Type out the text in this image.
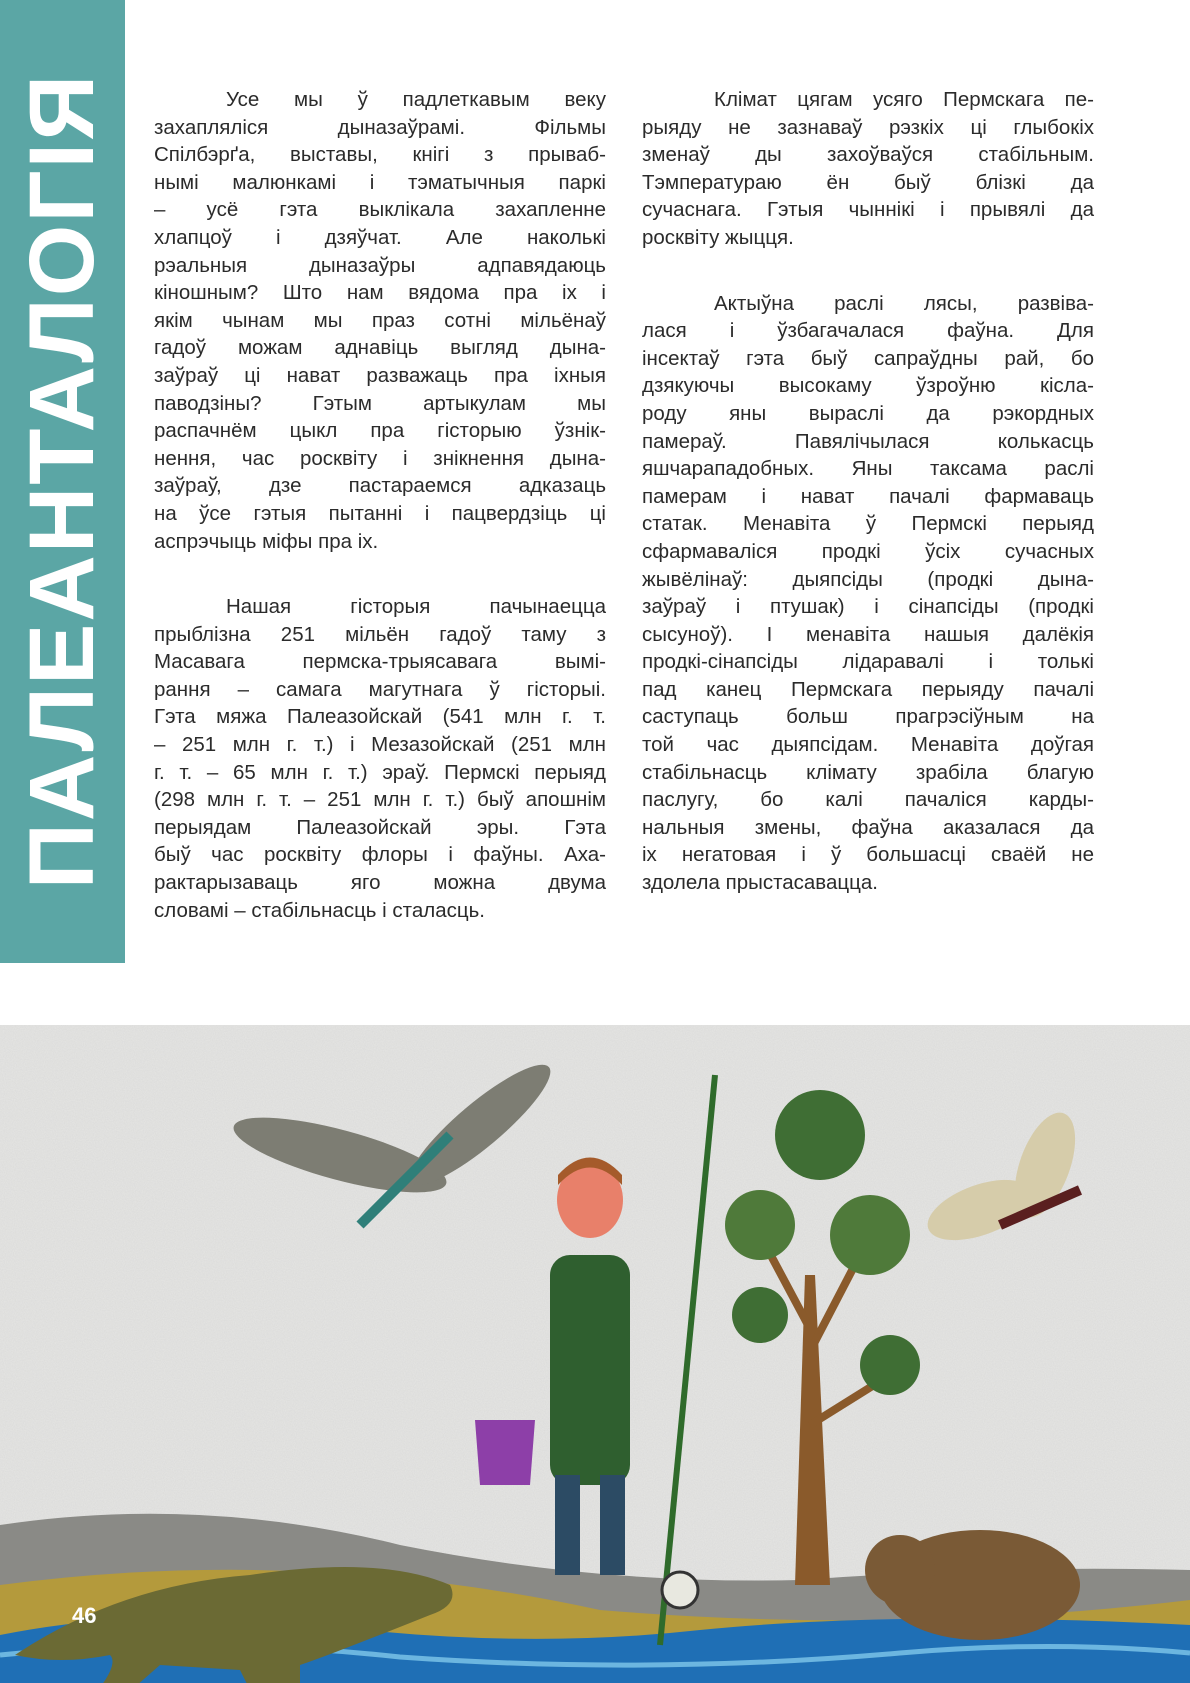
ПАЛЕАНТАЛОГІЯ	Усе мы ў падлеткавым веку
захапляліся дыназаўрамі. Фільмы
Спілбэрґа, выставы, кнігі з прываб-
нымі малюнкамі і тэматычныя паркі
– усё гэта выклікала захапленне
хлапцоў і дзяўчат. Але наколькі
рэальныя дыназаўры адпавядаюць
кіношным? Што нам вядома пра іх і
якім чынам мы праз сотні мільёнаў
гадоў можам аднавіць выгляд дына-
заўраў ці нават разважаць пра іхныя
паводзіны? Гэтым артыкулам мы
распачнём цыкл пра гісторыю ўзнік-
нення, час росквіту і знікнення дына-
заўраў, дзе пастараемся адказаць
на ўсе гэтыя пытанні і пацвердзіць ці
аспрэчыць міфы пра іх.
Нашая гісторыя пачынаецца
прыблізна 251 мільён гадоў таму з
Масавага пермска-трыясавага вымі-
рання – самага магутнага ў гісторыі.
Гэта мяжа Палеазойскай (541 млн г. т.
– 251 млн г. т.) і Мезазойскай (251 млн
г. т. – 65 млн г. т.) эраў. Пермскі перыяд
(298 млн г. т. – 251 млн г. т.) быў апошнім
перыядам Палеазойскай эры. Гэта
быў час росквіту флоры і фаўны. Аха-
рактарызаваць яго можна двума
словамі – стабільнасць і сталасць.
Клімат цягам усяго Пермскага пе-
рыяду не зазнаваў рэзкіх ці глыбокіх
зменаў ды захоўваўся стабільным.
Тэмператураю ён быў блізкі да
сучаснага. Гэтыя чыннікі і прывялі да
росквіту жыцця.
Актыўна раслі лясы, развіва-
лася і ўзбагачалася фаўна. Для
інсектаў гэта быў сапраўдны рай, бо
дзякуючы высокаму ўзроўню кісла-
роду яны выраслі да рэкордных
памераў. Павялічылася колькасць
яшчарападобных. Яны таксама раслі
памерам і нават пачалі фармаваць
статак. Менавіта ў Пермскі перыяд
сфармаваліся продкі ўсіх сучасных
жывёлінаў: дыяпсіды (продкі дына-
заўраў і птушак) і сінапсіды (продкі
сысуноў). І менавіта нашыя далёкія
продкі-сінапсіды лідаравалі і толькі
пад канец Пермскага перыяду пачалі
саступаць больш прагрэсіўным на
той час дыяпсідам. Менавіта доўгая
стабільнасць клімату зрабіла благую
паслугу, бо калі пачаліся карды-
нальныя змены, фаўна аказалася да
іх негатовая і ў большасці сваёй не
здолела прыстасавацца.
46
